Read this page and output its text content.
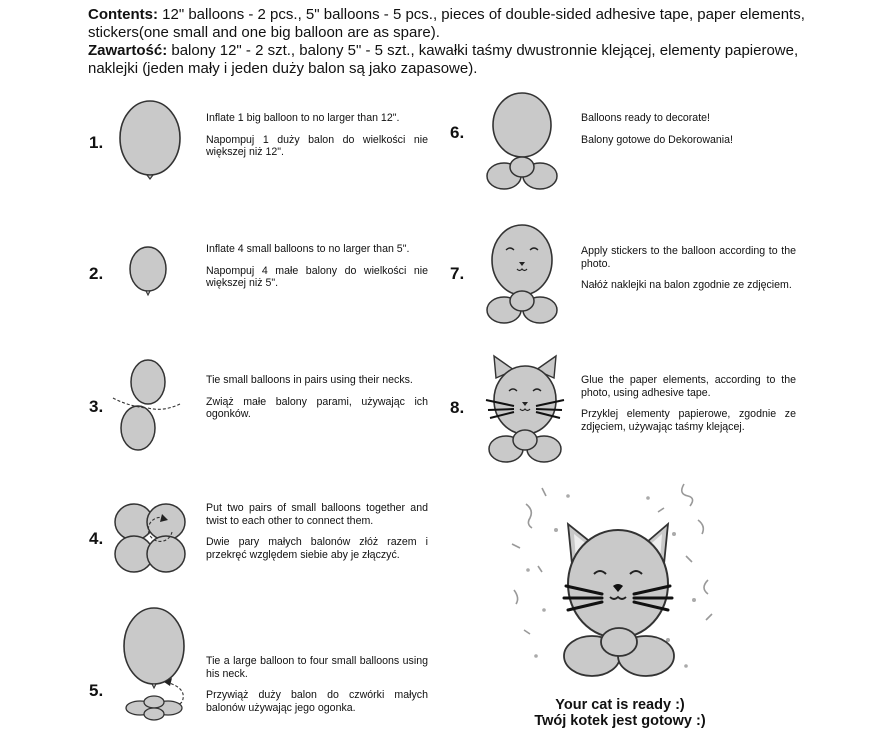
Contents: 12" balloons - 2 pcs., 5" balloons - 5 pcs., pieces of double-sided adhesive tape, paper elements,
stickers(one small and one big balloon are as spare).
Zawartość: balony 12" - 2 szt., balony 5" - 5 szt., kawałki taśmy dwustronnie klejącej, elementy papierowe,
naklejki (jeden mały i jeden duży balon są jako zapasowe).
1.

Inflate 1 big balloon to no larger than 12".

Napompuj 1 duży balon do wielkości nie większej niż 12".

2.

Inflate 4 small balloons to no larger than 5".

Napompuj 4 małe balony do wielkości nie większej niż 5".

3.

Tie small balloons in pairs using their necks.

Zwiąż małe balony parami, używając ich ogonków.

4.

Put two pairs of small balloons together and twist to each other to connect them.

Dwie pary małych balonów złóż razem i przekręć względem siebie aby je złączyć.

5.

Tie a large balloon to four small balloons using his neck.

Przywiąż duży balon do czwórki małych balonów używając jego ogonka.

6.

Balloons ready to decorate!

Balony gotowe do Dekorowania!

7.

Apply stickers to the balloon according to the photo.

Nałóż naklejki na balon zgodnie ze zdjęciem.

8.

Glue the paper elements, according to the photo, using adhesive tape.

Przyklej elementy papierowe, zgodnie ze zdjęciem, używając taśmy klejącej.

Your cat is ready :)
Twój kotek jest gotowy :)
